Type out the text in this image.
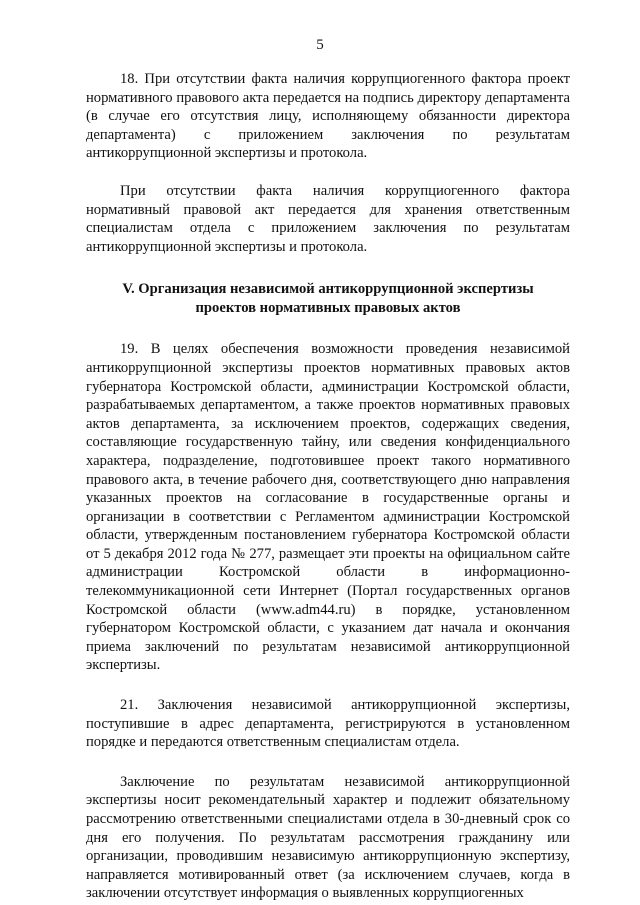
5

18. При отсутствии факта наличия коррупциогенного фактора проект нормативного правового акта передается на подпись директору департамента (в случае его отсутствия лицу, исполняющему обязанности директора департамента) с приложением заключения по результатам антикоррупционной экспертизы и протокола.

При отсутствии факта наличия коррупциогенного фактора нормативный правовой акт передается для хранения ответственным специалистам отдела с приложением заключения по результатам антикоррупционной экспертизы и протокола.

V. Организация независимой антикоррупционной экспертизы
проектов нормативных правовых актов

19. В целях обеспечения возможности проведения независимой антикоррупционной экспертизы проектов нормативных правовых актов губернатора Костромской области, администрации Костромской области, разрабатываемых департаментом, а также проектов нормативных правовых актов департамента, за исключением проектов, содержащих сведения, составляющие государственную тайну, или сведения конфиденциального характера, подразделение, подготовившее проект такого нормативного правового акта, в течение рабочего дня, соответствующего дню направления указанных проектов на согласование в государственные органы и организации в соответствии с Регламентом администрации Костромской области, утвержденным постановлением губернатора Костромской области от 5 декабря 2012 года № 277, размещает эти проекты на официальном сайте администрации Костромской области в информационно-телекоммуникационной сети Интернет (Портал государственных органов Костромской области (www.adm44.ru) в порядке, установленном губернатором Костромской области, с указанием дат начала и окончания приема заключений по результатам независимой антикоррупционной экспертизы.

21. Заключения независимой антикоррупционной экспертизы, поступившие в адрес департамента, регистрируются в установленном порядке и передаются ответственным специалистам отдела.

Заключение по результатам независимой антикоррупционной экспертизы носит рекомендательный характер и подлежит обязательному рассмотрению ответственными специалистами отдела в 30-дневный срок со дня его получения. По результатам рассмотрения гражданину или организации, проводившим независимую антикоррупционную экспертизу, направляется мотивированный ответ (за исключением случаев, когда в заключении отсутствует информация о выявленных коррупциогенных
